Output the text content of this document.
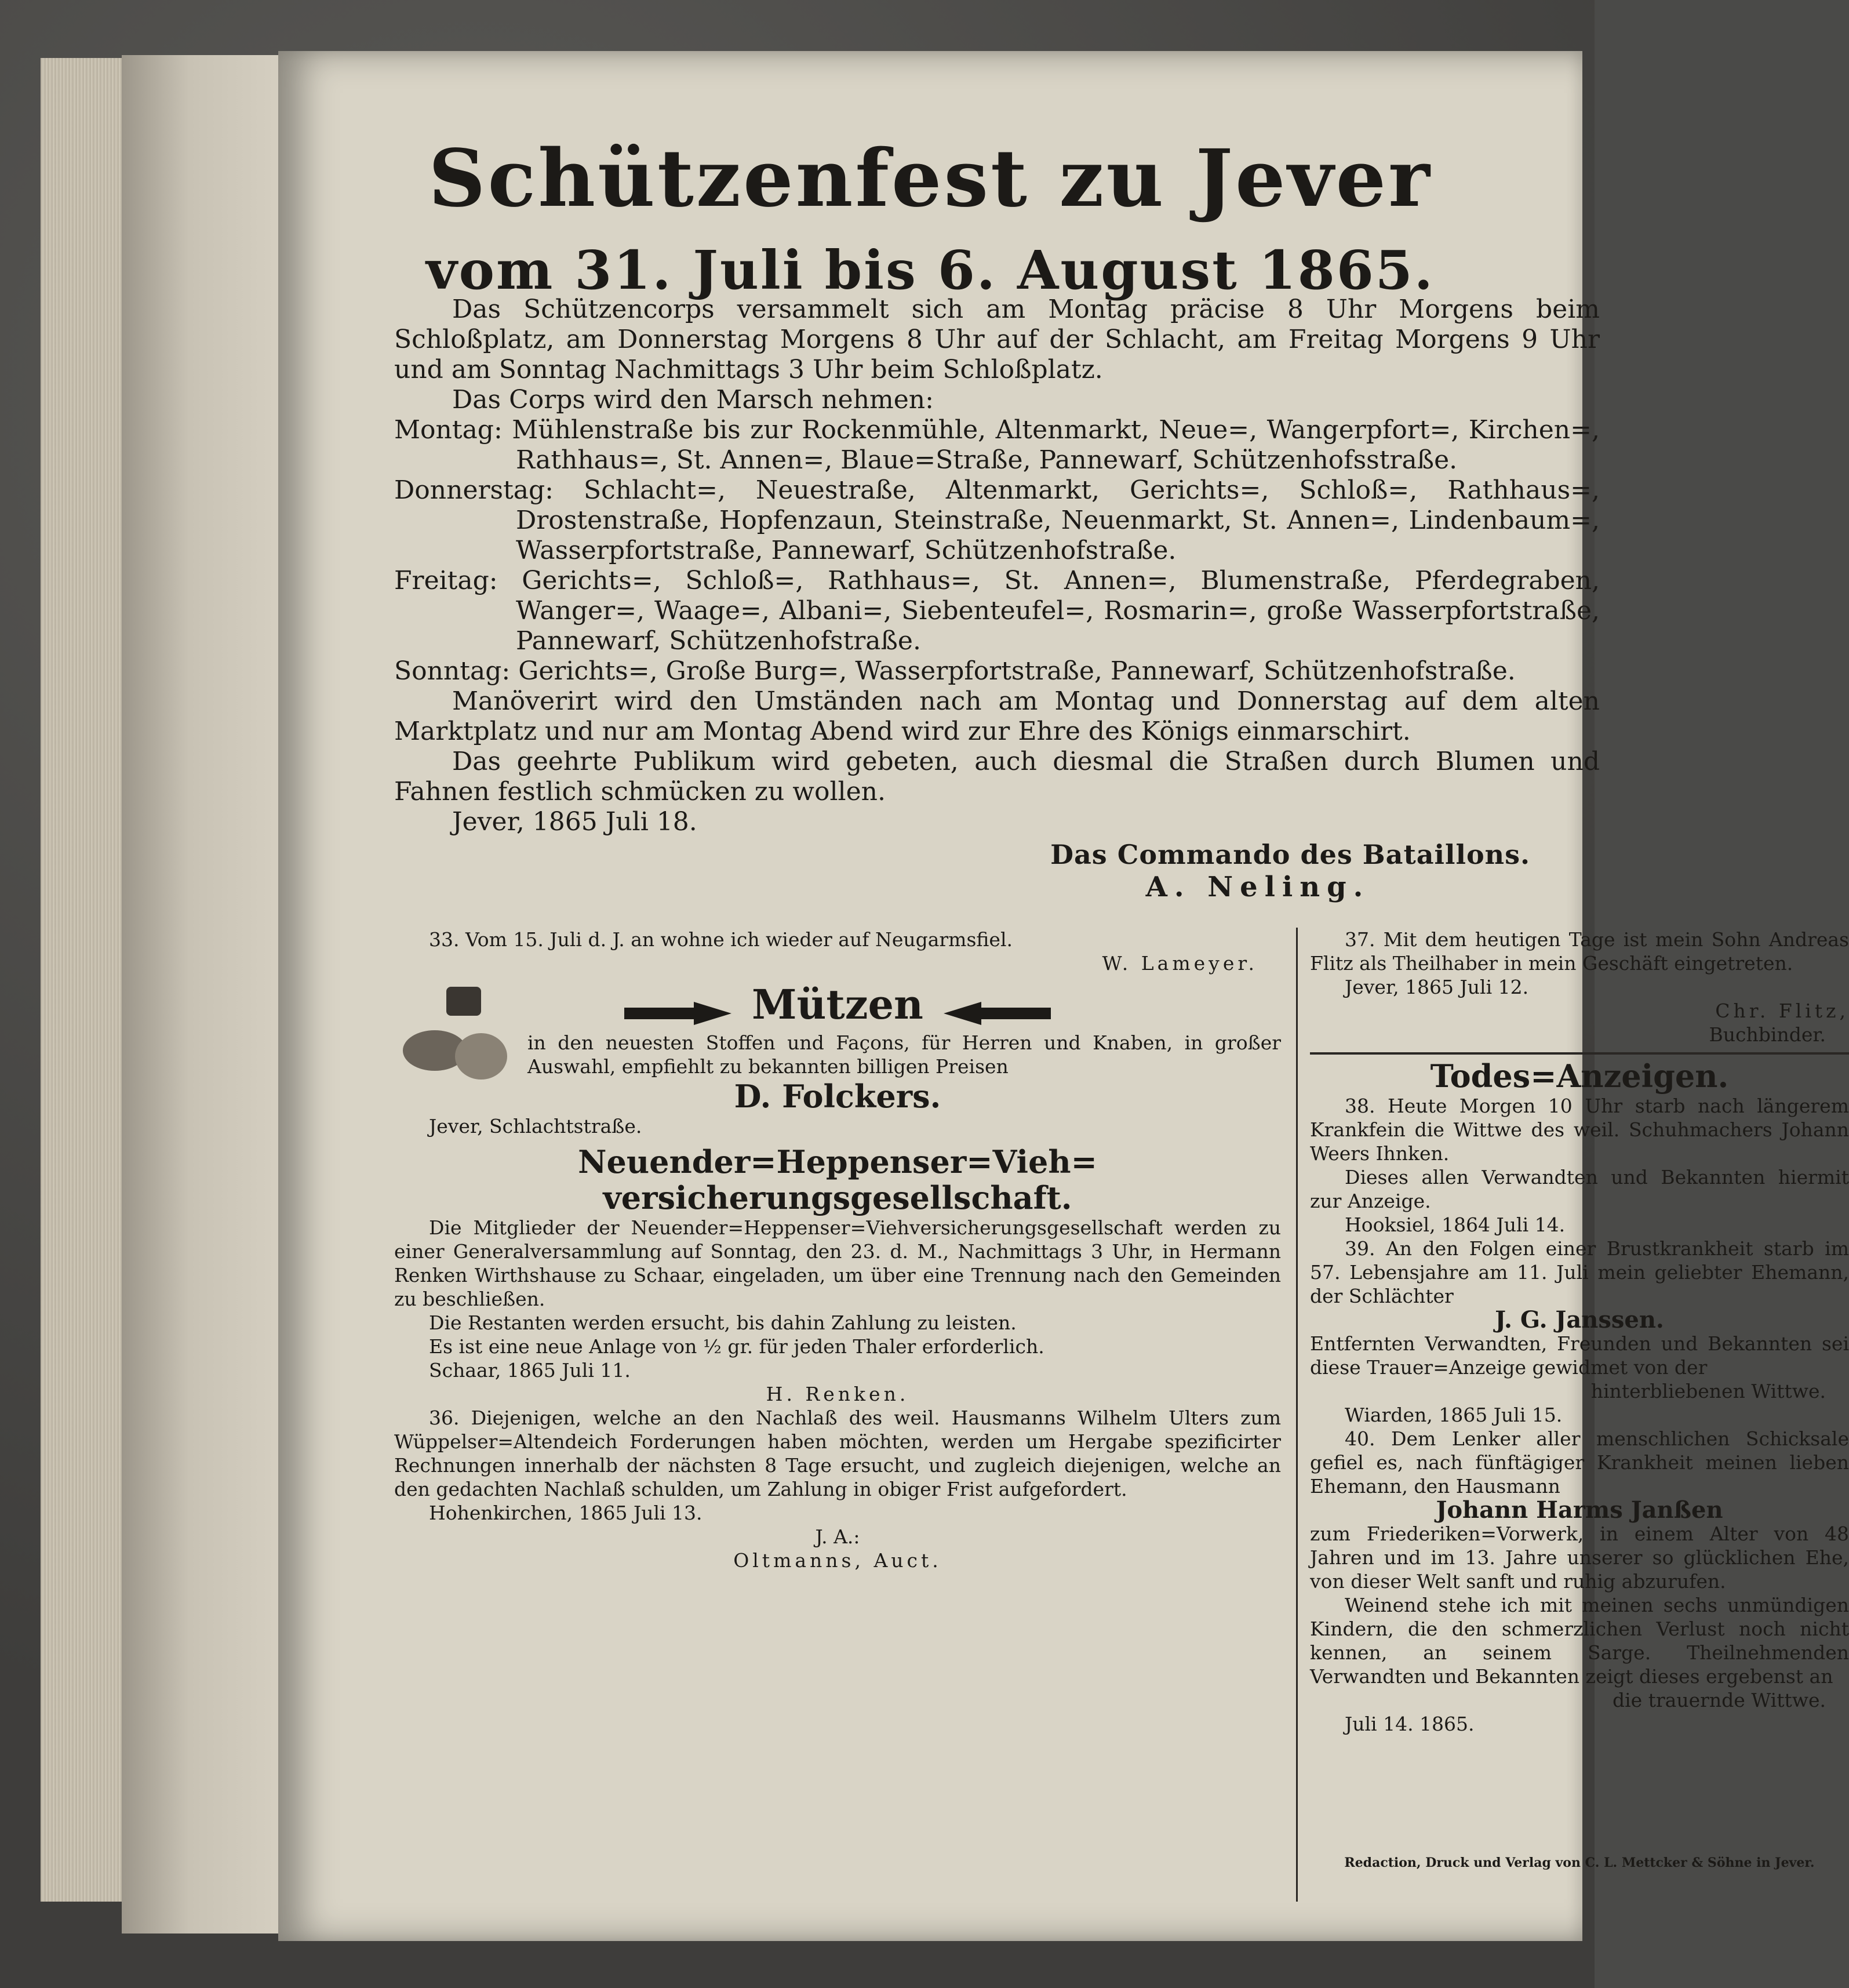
Schützenfest zu Jever
vom 31. Juli bis 6. August 1865.

Das Schützencorps versammelt sich am Montag präcise 8 Uhr Morgens beim Schloßplatz, am Donnerstag Morgens 8 Uhr auf der Schlacht, am Freitag Morgens 9 Uhr und am Sonntag Nachmittags 3 Uhr beim Schloßplatz.

Das Corps wird den Marsch nehmen:

Montag: Mühlenstraße bis zur Rockenmühle, Altenmarkt, Neue=, Wangerpfort=, Kirchen=, Rathhaus=, St. Annen=, Blaue=Straße, Pannewarf, Schützenhofsstraße.

Donnerstag: Schlacht=, Neuestraße, Altenmarkt, Gerichts=, Schloß=, Rathhaus=, Drostenstraße, Hopfenzaun, Steinstraße, Neuenmarkt, St. Annen=, Lindenbaum=, Wasserpfortstraße, Pannewarf, Schützenhofstraße.

Freitag: Gerichts=, Schloß=, Rathhaus=, St. Annen=, Blumenstraße, Pferdegraben, Wanger=, Waage=, Albani=, Siebenteufel=, Rosmarin=, große Wasserpfortstraße, Pannewarf, Schützenhofstraße.

Sonntag: Gerichts=, Große Burg=, Wasserpfortstraße, Pannewarf, Schützenhofstraße.

Manöverirt wird den Umständen nach am Montag und Donnerstag auf dem alten Marktplatz und nur am Montag Abend wird zur Ehre des Königs einmarschirt.

Das geehrte Publikum wird gebeten, auch diesmal die Straßen durch Blumen und Fahnen festlich schmücken zu wollen.

Jever, 1865 Juli 18.

Das Commando des Bataillons.
A. Neling.

33. Vom 15. Juli d. J. an wohne ich wieder auf Neugarmsfiel.

W. Lameyer.

Mützen

in den neuesten Stoffen und Façons, für Herren und Knaben, in großer Auswahl, empfiehlt zu bekannten billigen Preisen

D. Folckers.

Jever, Schlachtstraße.

Neuender=Heppenser=Vieh=

versicherungsgesellschaft.

Die Mitglieder der Neuender=Heppenser=Viehversicherungsgesellschaft werden zu einer Generalversammlung auf Sonntag, den 23. d. M., Nachmittags 3 Uhr, in Hermann Renken Wirthshause zu Schaar, eingeladen, um über eine Trennung nach den Gemeinden zu beschließen.

Die Restanten werden ersucht, bis dahin Zahlung zu leisten.

Es ist eine neue Anlage von ½ gr. für jeden Thaler erforderlich.

Schaar, 1865 Juli 11.

H. Renken.

36. Diejenigen, welche an den Nachlaß des weil. Hausmanns Wilhelm Ulters zum Wüppelser=Altendeich Forderungen haben möchten, werden um Hergabe spezificirter Rechnungen innerhalb der nächsten 8 Tage ersucht, und zugleich diejenigen, welche an den gedachten Nachlaß schulden, um Zahlung in obiger Frist aufgefordert.

Hohenkirchen, 1865 Juli 13.

J. A.:

Oltmanns, Auct.

37. Mit dem heutigen Tage ist mein Sohn Andreas Flitz als Theilhaber in mein Geschäft eingetreten.

Jever, 1865 Juli 12.

Chr. Flitz,

Buchbinder.

Todes=Anzeigen.

38. Heute Morgen 10 Uhr starb nach längerem Krankfein die Wittwe des weil. Schuhmachers Johann Weers Ihnken.

Dieses allen Verwandten und Bekannten hiermit zur Anzeige.

Hooksiel, 1864 Juli 14.

39. An den Folgen einer Brustkrankheit starb im 57. Lebensjahre am 11. Juli mein geliebter Ehemann, der Schlächter

J. G. Janssen.

Entfernten Verwandten, Freunden und Bekannten sei diese Trauer=Anzeige gewidmet von der

hinterbliebenen Wittwe.

Wiarden, 1865 Juli 15.

40. Dem Lenker aller menschlichen Schicksale gefiel es, nach fünftägiger Krankheit meinen lieben Ehemann, den Hausmann

Johann Harms Janßen

zum Friederiken=Vorwerk, in einem Alter von 48 Jahren und im 13. Jahre unserer so glücklichen Ehe, von dieser Welt sanft und ruhig abzurufen.

Weinend stehe ich mit meinen sechs unmündigen Kindern, die den schmerzlichen Verlust noch nicht kennen, an seinem Sarge. Theilnehmenden Verwandten und Bekannten zeigt dieses ergebenst an

die trauernde Wittwe.

Juli 14. 1865.

Redaction, Druck und Verlag von C. L. Mettcker & Söhne in Jever.
